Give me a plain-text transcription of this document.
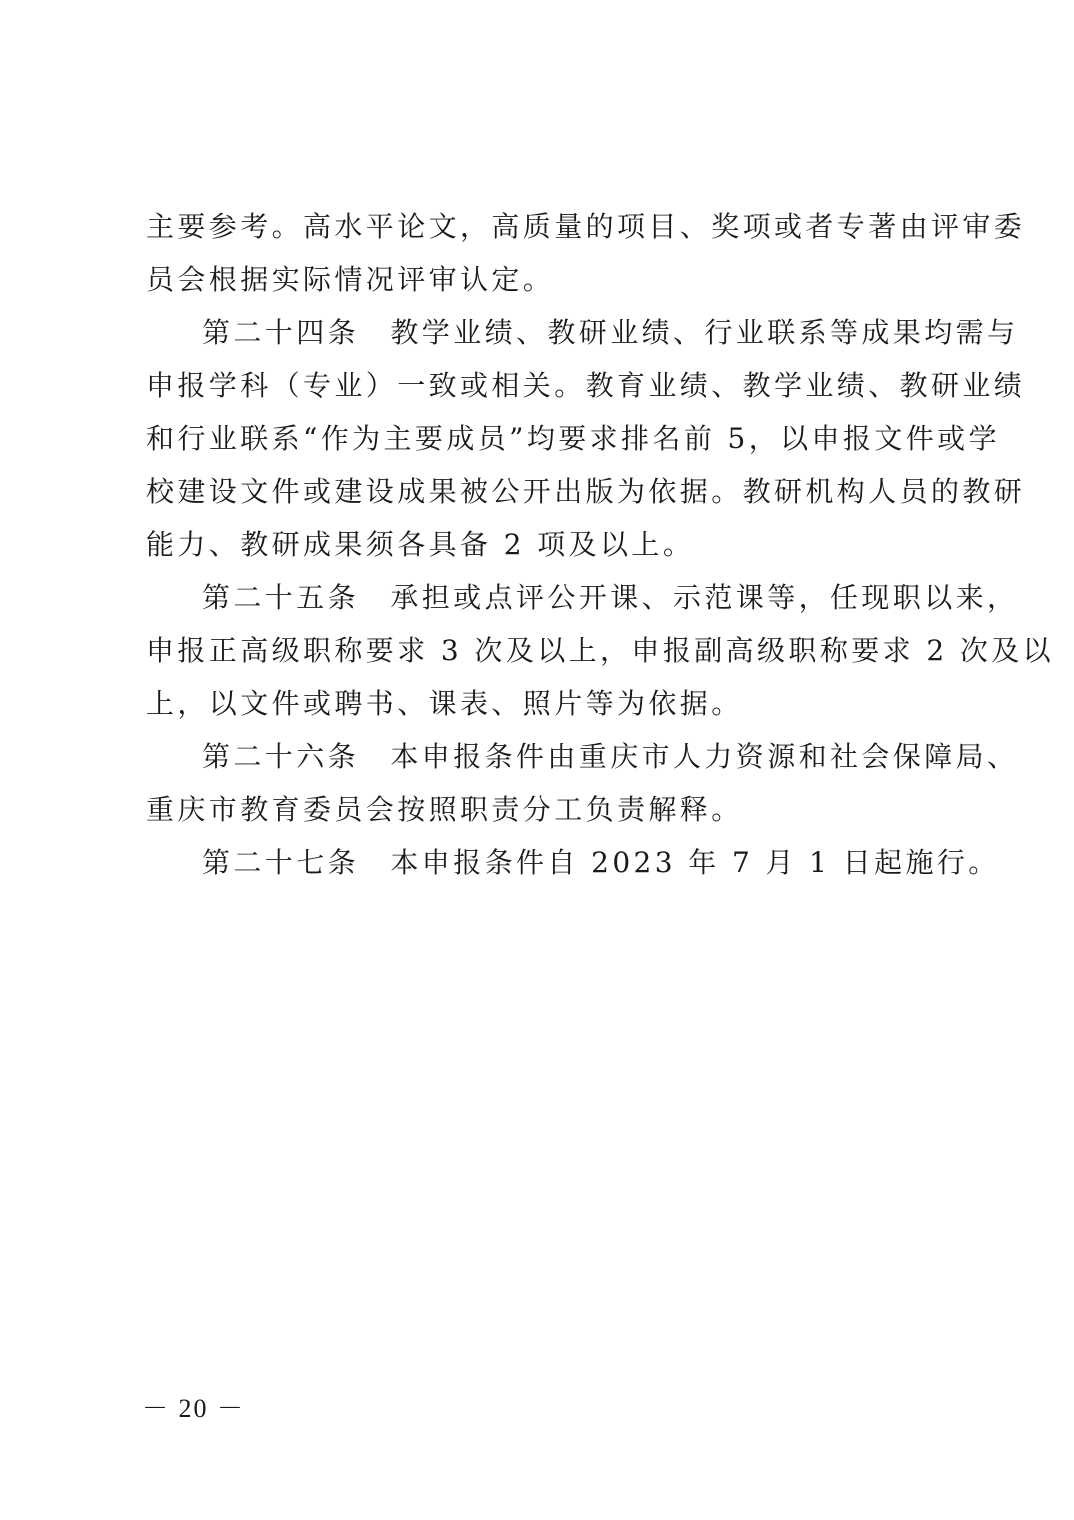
主要参考。高水平论文，高质量的项目、奖项或者专著由评审委
员会根据实际情况评审认定。
第二十四条　教学业绩、教研业绩、行业联系等成果均需与
申报学科（专业）一致或相关。教育业绩、教学业绩、教研业绩
和行业联系“作为主要成员”均要求排名前 5，以申报文件或学
校建设文件或建设成果被公开出版为依据。教研机构人员的教研
能力、教研成果须各具备 2 项及以上。
第二十五条　承担或点评公开课、示范课等，任现职以来，
申报正高级职称要求 3 次及以上，申报副高级职称要求 2 次及以
上，以文件或聘书、课表、照片等为依据。
第二十六条　本申报条件由重庆市人力资源和社会保障局、
重庆市教育委员会按照职责分工负责解释。
第二十七条　本申报条件自 2023 年 7 月 1 日起施行。
－ 20 －
